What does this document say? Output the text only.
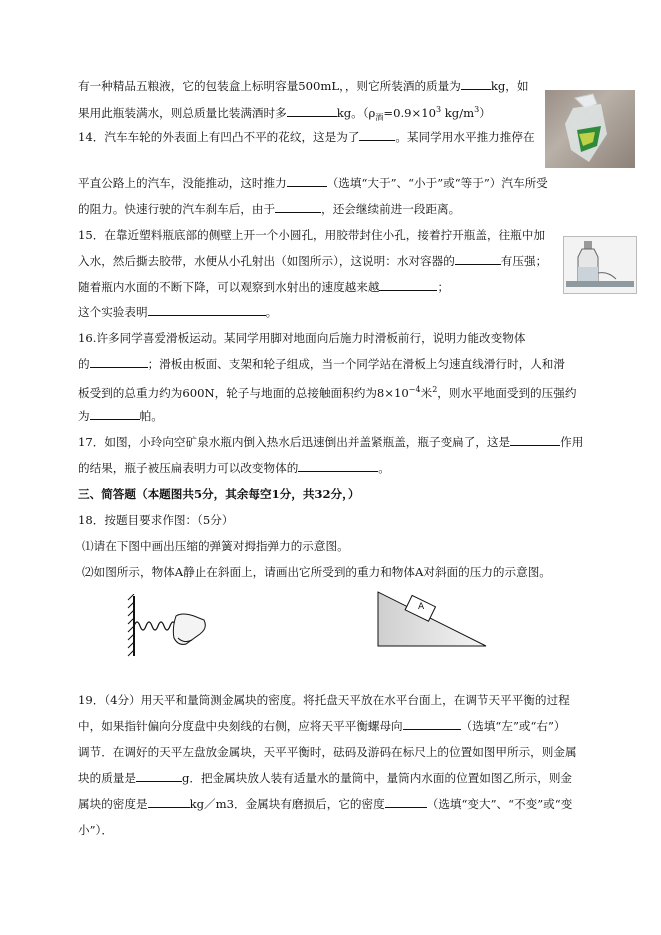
有一种精品五粮液，它的包装盒上标明容量500mL，，则它所装酒的质量为	kg，如
果用此瓶装满水，则总质量比装满酒时多	kg。（$\rho_酒=0.9\times 10^3$ $kg/m^3$）
14．汽车车轮的外表面上有凹凸不平的花纹，这是为了	。某同学用水平推力推停在
平直公路上的汽车，没能推动，这时推力	（选填“大于”、“小于”或“等于”）汽车所受
的阻力。快速行驶的汽车刹车后，由于	，还会继续前进一段距离。
15．在靠近塑料瓶底部的侧壁上开一个小圆孔，用胶带封住小孔，接着拧开瓶盖，往瓶中加
入水，然后撕去胶带，水便从小孔射出（如图所示），这说明：水对容器的	有压强；
随着瓶内水面的不断下降，可以观察到水射出的速度越来越	；
这个实验表明	。
16.许多同学喜爱滑板运动。某同学用脚对地面向后施力时滑板前行，说明力能改变物体
的	；滑板由板面、支架和轮子组成，当一个同学站在滑板上匀速直线滑行时，人和滑
板受到的总重力约为600N，轮子与地面的总接触面积约为$8\times 10^{-4}$米$^2$，则水平地面受到的压强约
为	帕。
17．如图，小玲向空矿泉水瓶内倒入热水后迅速倒出并盖紧瓶盖，瓶子变扁了，这是	作用
的结果，瓶子被压扁表明力可以改变物体的	。
三、简答题（本题图共5分，其余每空1分，共32分，）
18．按题目要求作图：（5分）
⑴请在下图中画出压缩的弹簧对拇指弹力的示意图。
⑵如图所示，物体A静止在斜面上，请画出它所受到的重力和物体A对斜面的压力的示意图。
19．（4分）用天平和量筒测金属块的密度。将托盘天平放在水平台面上，在调节天平平衡的过程
中，如果指针偏向分度盘中央刻线的右侧，应将天平平衡螺母向	（选填“左”或“右”）
调节．在调好的天平左盘放金属块，天平平衡时，砝码及游码在标尺上的位置如图甲所示，则金属
块的质量是	g．把金属块放人装有适量水的量筒中，量筒内水面的位置如图乙所示，则金
属块的密度是	kg／m3．金属块有磨损后，它的密度	（选填“变大”、“不变”或“变
小”）．
A
